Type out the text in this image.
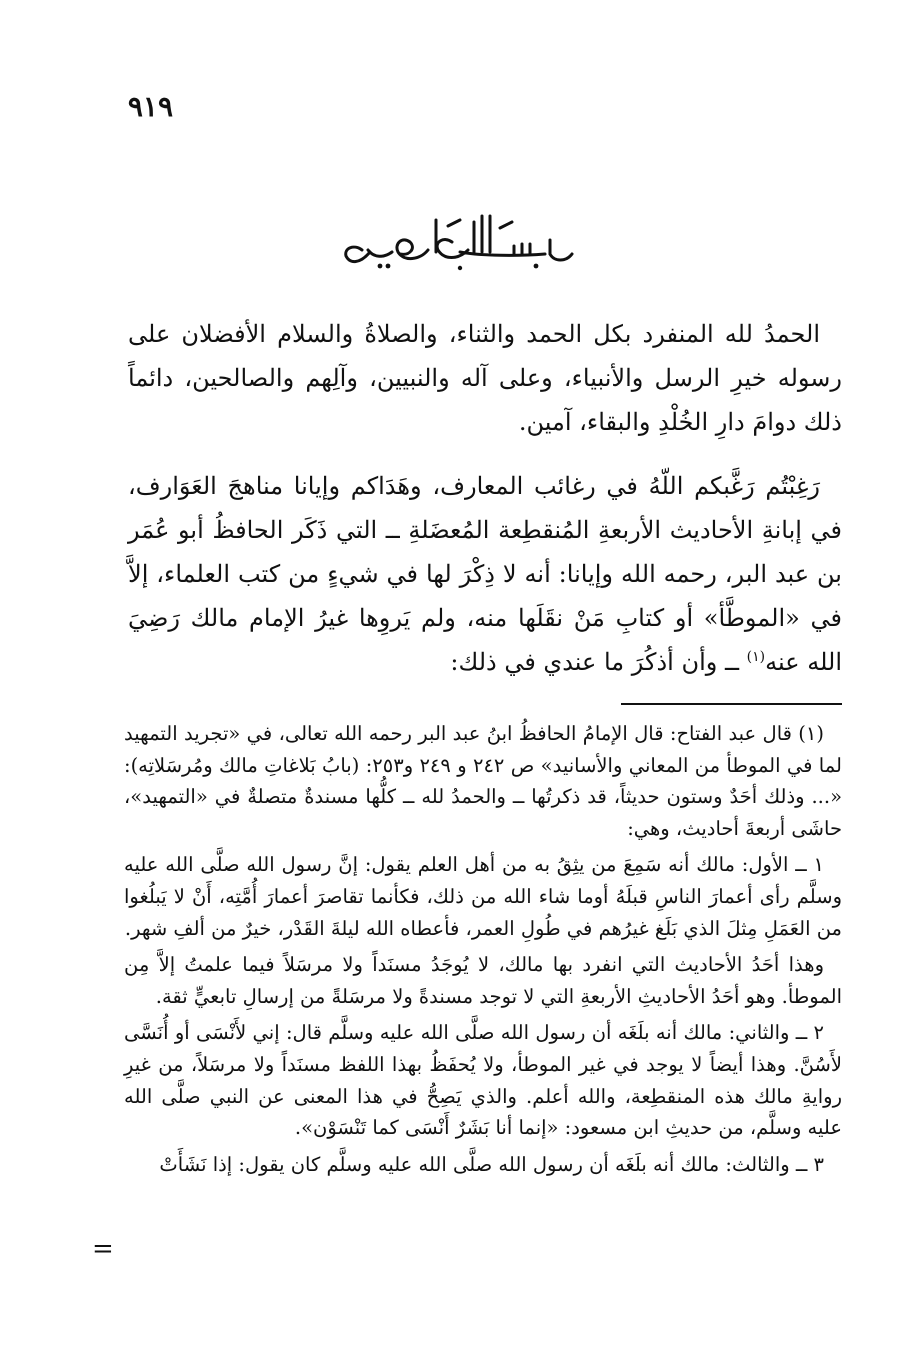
٩١٩
الحمدُ لله المنفرد بكل الحمد والثناء، والصلاةُ والسلام الأفضلان على رسوله خيرِ الرسل والأنبياء، وعلى آله والنبيين، وآلِهم والصالحين، دائماً ذلك دوامَ دارِ الخُلْدِ والبقاء، آمين.
رَغِبْتُم رَغَّبكم اللّهُ في رغائب المعارف، وهَدَاكم وإيانا مناهجَ العَوَارف، في إبانةِ الأحاديث الأربعةِ المُنقطِعة المُعضَلةِ ــ التي ذَكَر الحافظُ أبو عُمَر بن عبد البر، رحمه الله وإيانا: أنه لا ذِكْرَ لها في شيءٍ من كتب العلماء، إلاَّ في «الموطَّأ» أو كتابِ مَنْ نقَلَها منه، ولم يَروِها غيرُ الإمام مالك رَضِيَ الله عنه$^{(١)}$ ــ وأن أذكُرَ ما عندي في ذلك:

(١) قال عبد الفتاح: قال الإمامُ الحافظُ ابنُ عبد البر رحمه الله تعالى، في «تجريد التمهيد لما في الموطأ من المعاني والأسانيد» ص ٢٤٢ و ٢٤٩ و٢٥٣: (بابُ بَلاغاتِ مالك ومُرسَلاتِه): «... وذلك أحَدٌ وستون حديثاً، قد ذكرتُها ــ والحمدُ لله ــ كلُّها مسندةٌ متصلةٌ في «التمهيد»، حاشَى أربعةَ أحاديث، وهي:

١ ــ الأول: مالك أنه سَمِعَ من يثِقُ به من أهل العلم يقول: إنَّ رسول الله صلَّى الله عليه وسلَّم رأى أعمارَ الناسِ قبلَهُ أوما شاء الله من ذلك، فكأنما تقاصرَ أعمارَ أُمَّتِه، أَنْ لا يَبلُغوا من العَمَلِ مِثلَ الذي بَلَغ غيرُهم في طُولِ العمر، فأعطاه الله ليلةَ القَدْر، خيرٌ من ألفِ شهر.

وهذا أحَدُ الأحاديث التي انفرد بها مالك، لا يُوجَدُ مسنَداً ولا مرسَلاً فيما علمتُ إلاَّ مِن الموطأ. وهو أحَدُ الأحاديثِ الأربعةِ التي لا توجد مسندةً ولا مرسَلةً من إرسالِ تابعيٍّ ثقة.

٢ ــ والثاني: مالك أنه بلَغَه أن رسول الله صلَّى الله عليه وسلَّم قال: إني لأَنْسَى أو أُنَسَّى لأَسُنَّ. وهذا أيضاً لا يوجد في غير الموطأ، ولا يُحفَظُ بهذا اللفظ مسنَداً ولا مرسَلاً، من غيرِ روايةِ مالك هذه المنقطِعة، والله أعلم. والذي يَصِحُّ في هذا المعنى عن النبي صلَّى الله عليه وسلَّم، من حديثِ ابن مسعود: «إنما أنا بَشَرٌ أَنْسَى كما تَنْسَوْن».

٣ ــ والثالث: مالك أنه بلَغَه أن رسول الله صلَّى الله عليه وسلَّم كان يقول: إذا نَشَأَتْ

=
